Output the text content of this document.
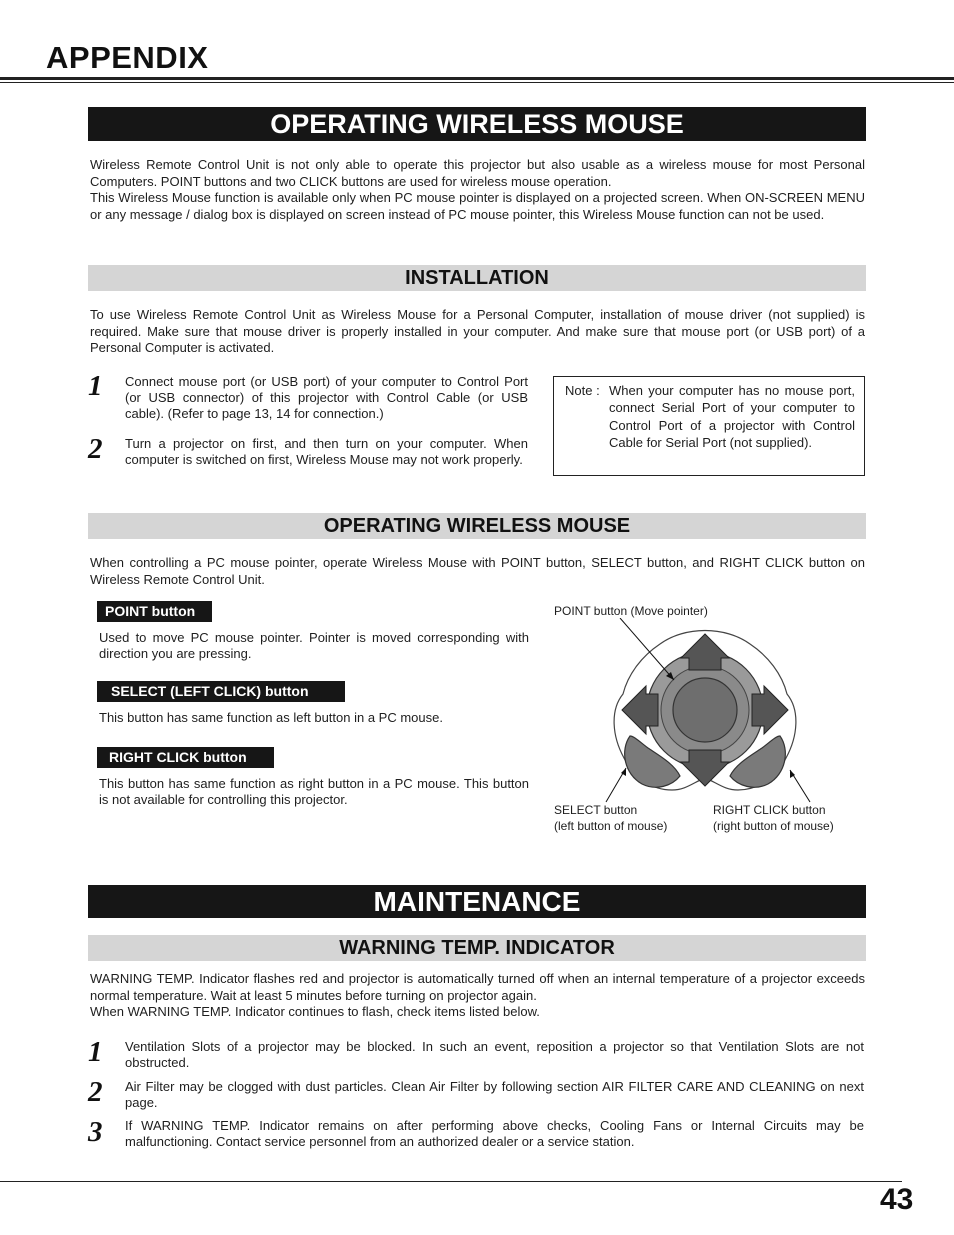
APPENDIX
OPERATING WIRELESS MOUSE

Wireless Remote Control Unit is not only able to operate this projector but also usable as a wireless mouse for most Personal Computers. POINT buttons and two CLICK buttons are used for wireless mouse operation.

This Wireless Mouse function is available only when PC mouse pointer is displayed on a projected screen. When ON-SCREEN MENU or any message / dialog box is displayed on screen instead of PC mouse pointer, this Wireless Mouse function can not be used.

INSTALLATION
To use Wireless Remote Control Unit as Wireless Mouse for a Personal Computer, installation of mouse driver (not supplied) is required. Make sure that mouse driver is properly installed in your computer. And make sure that mouse port (or USB port) of a Personal Computer is activated.
1 Connect mouse port (or USB port) of your computer to Control Port (or USB connector) of this projector with Control Cable (or USB cable). (Refer to page 13, 14 for connection.)
2 Turn a projector on first, and then turn on your computer. When computer is switched on first, Wireless Mouse may not work properly.
Note : When your computer has no mouse port, connect Serial Port of your computer to Control Port of a projector with Control Cable for Serial Port (not supplied).
OPERATING WIRELESS MOUSE
When controlling a PC mouse pointer, operate Wireless Mouse with POINT button, SELECT button, and RIGHT CLICK button on Wireless Remote Control Unit.
POINT button
Used to move PC mouse pointer. Pointer is moved corresponding with direction you are pressing.
SELECT (LEFT CLICK) button
This button has same function as left button in a PC mouse.
RIGHT CLICK button
This button has same function as right button in a PC mouse. This button is not available for controlling this projector.
POINT button (Move pointer)
SELECT button
(left button of mouse)
RIGHT CLICK button
(right button of mouse)
MAINTENANCE
WARNING TEMP. INDICATOR

WARNING TEMP. Indicator flashes red and projector is automatically turned off when an internal temperature of a projector exceeds normal temperature. Wait at least 5 minutes before turning on projector again.

When WARNING TEMP. Indicator continues to flash, check items listed below.

1 Ventilation Slots of a projector may be blocked. In such an event, reposition a projector so that Ventilation Slots are not obstructed.
2 Air Filter may be clogged with dust particles. Clean Air Filter by following section AIR FILTER CARE AND CLEANING on next page.
3 If WARNING TEMP. Indicator remains on after performing above checks, Cooling Fans or Internal Circuits may be malfunctioning. Contact service personnel from an authorized dealer or a service station.
43
